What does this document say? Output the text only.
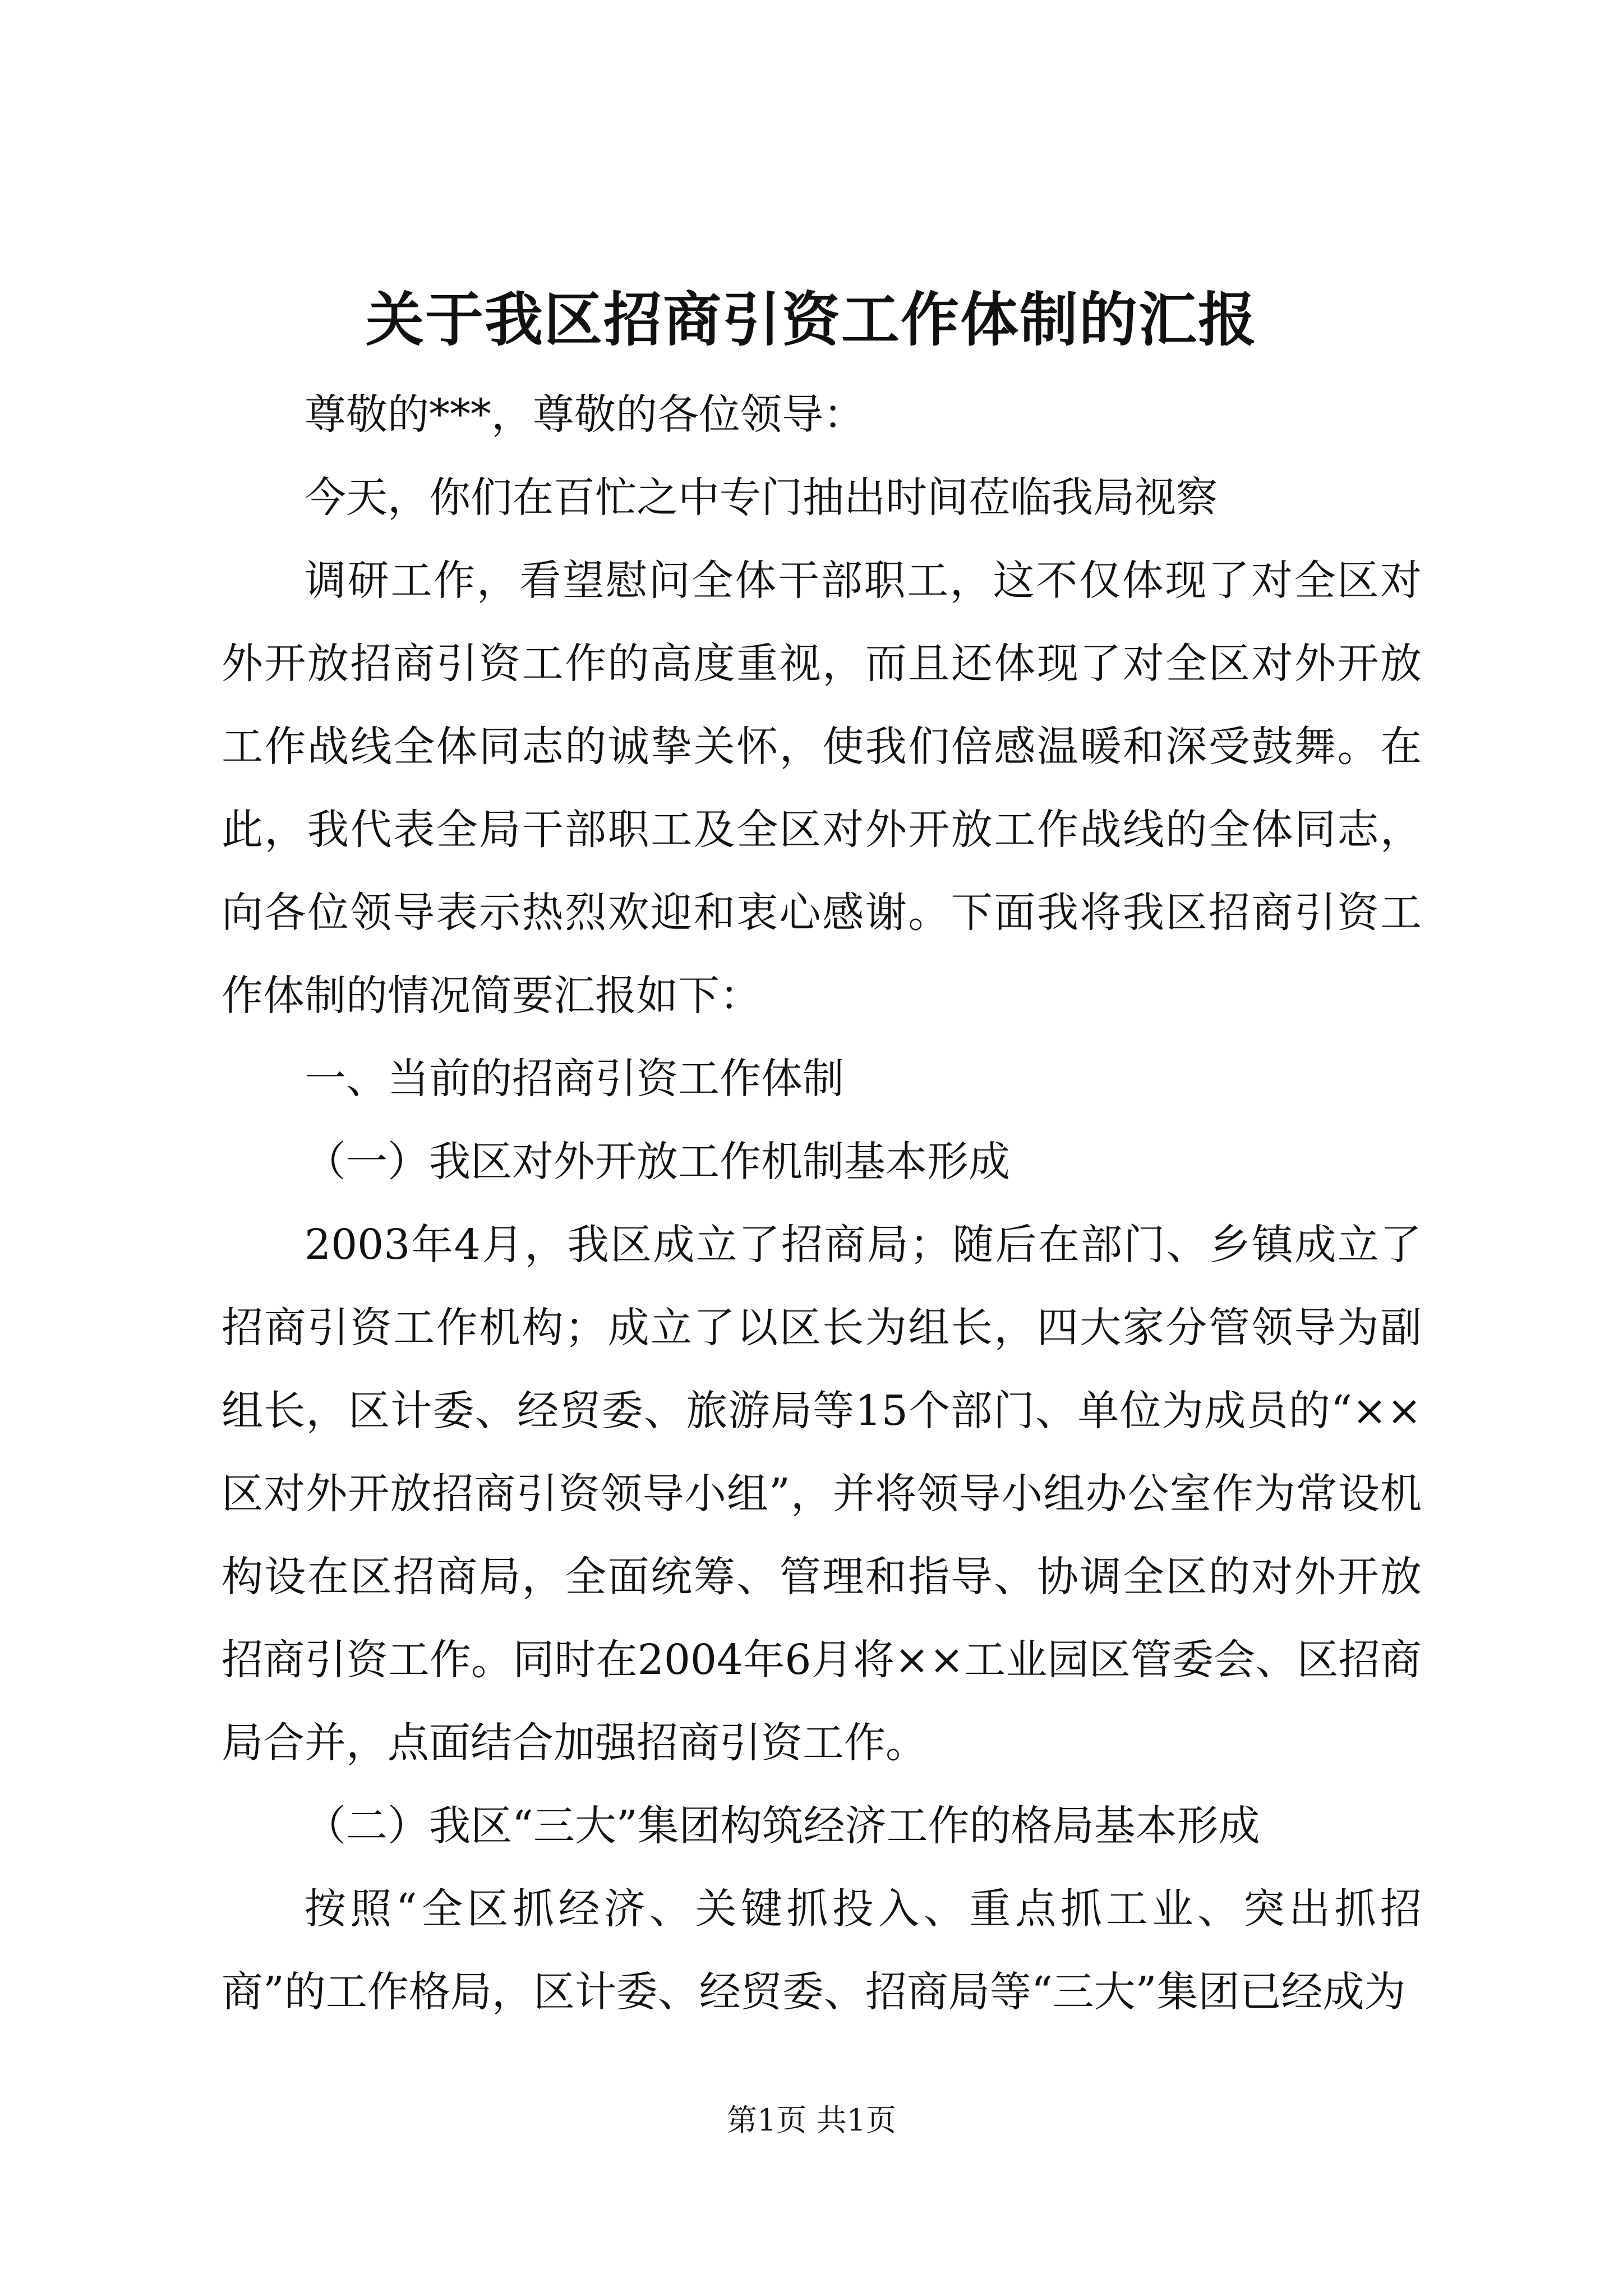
关于我区招商引资工作体制的汇报

尊敬的***，尊敬的各位领导：

今天，你们在百忙之中专门抽出时间莅临我局视察

调研工作，看望慰问全体干部职工，这不仅体现了对全区对外开放招商引资工作的高度重视，而且还体现了对全区对外开放工作战线全体同志的诚挚关怀，使我们倍感温暖和深受鼓舞。在此，我代表全局干部职工及全区对外开放工作战线的全体同志，向各位领导表示热烈欢迎和衷心感谢。下面我将我区招商引资工作体制的情况简要汇报如下：

一、当前的招商引资工作体制

（一）我区对外开放工作机制基本形成

2003年4月，我区成立了招商局；随后在部门、乡镇成立了招商引资工作机构；成立了以区长为组长，四大家分管领导为副组长，区计委、经贸委、旅游局等15个部门、单位为成员的“××区对外开放招商引资领导小组”，并将领导小组办公室作为常设机构设在区招商局，全面统筹、管理和指导、协调全区的对外开放招商引资工作。同时在2004年6月将××工业园区管委会、区招商局合并，点面结合加强招商引资工作。

（二）我区“三大”集团构筑经济工作的格局基本形成

按照“全区抓经济、关键抓投入、重点抓工业、突出抓招商”的工作格局，区计委、经贸委、招商局等“三大”集团已经成为

第1页 共1页
